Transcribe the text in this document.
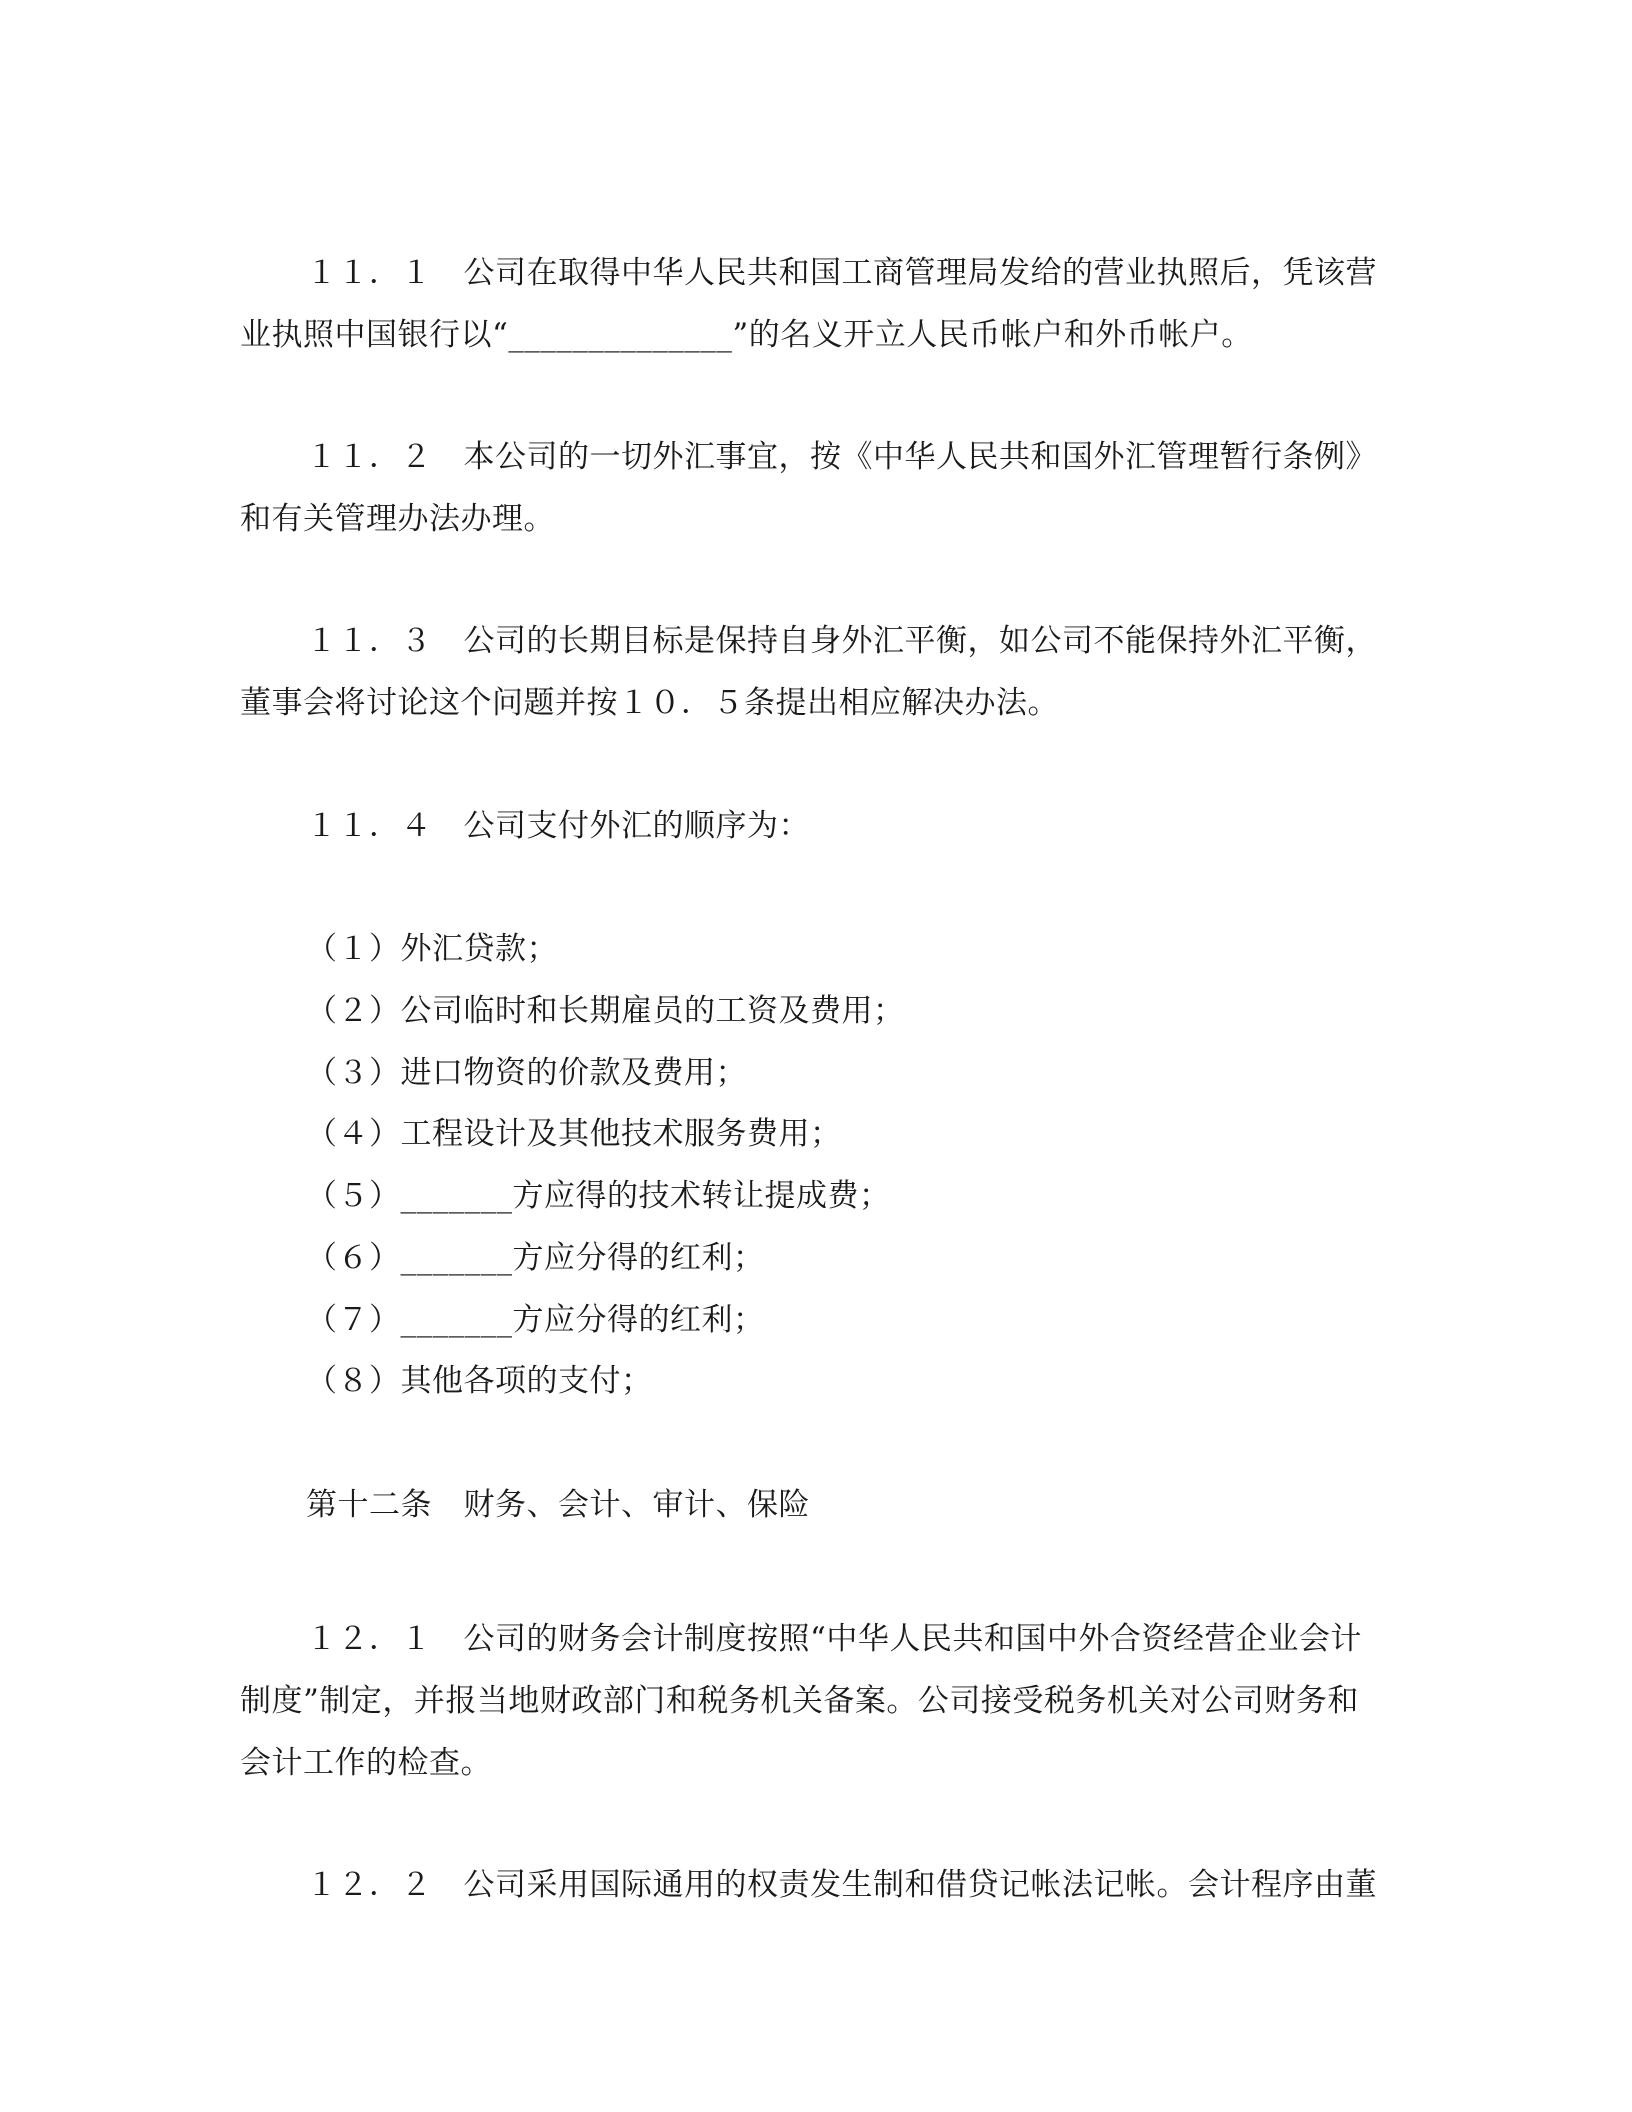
１１．１　公司在取得中华人民共和国工商管理局发给的营业执照后，凭该营业执照中国银行以“______________”的名义开立人民币帐户和外币帐户。

１１．２　本公司的一切外汇事宜，按《中华人民共和国外汇管理暂行条例》和有关管理办法办理。

１１．３　公司的长期目标是保持自身外汇平衡，如公司不能保持外汇平衡，董事会将讨论这个问题并按１０．５条提出相应解决办法。

１１．４　公司支付外汇的顺序为：

（１）外汇贷款；
（２）公司临时和长期雇员的工资及费用；
（３）进口物资的价款及费用；
（４）工程设计及其他技术服务费用；
（５）_______方应得的技术转让提成费；
（６）_______方应分得的红利；
（７）_______方应分得的红利；
（８）其他各项的支付；
第十二条　财务、会计、审计、保险

１２．１　公司的财务会计制度按照“中华人民共和国中外合资经营企业会计制度”制定，并报当地财政部门和税务机关备案。公司接受税务机关对公司财务和会计工作的检查。

１２．２　公司采用国际通用的权责发生制和借贷记帐法记帐。会计程序由董
